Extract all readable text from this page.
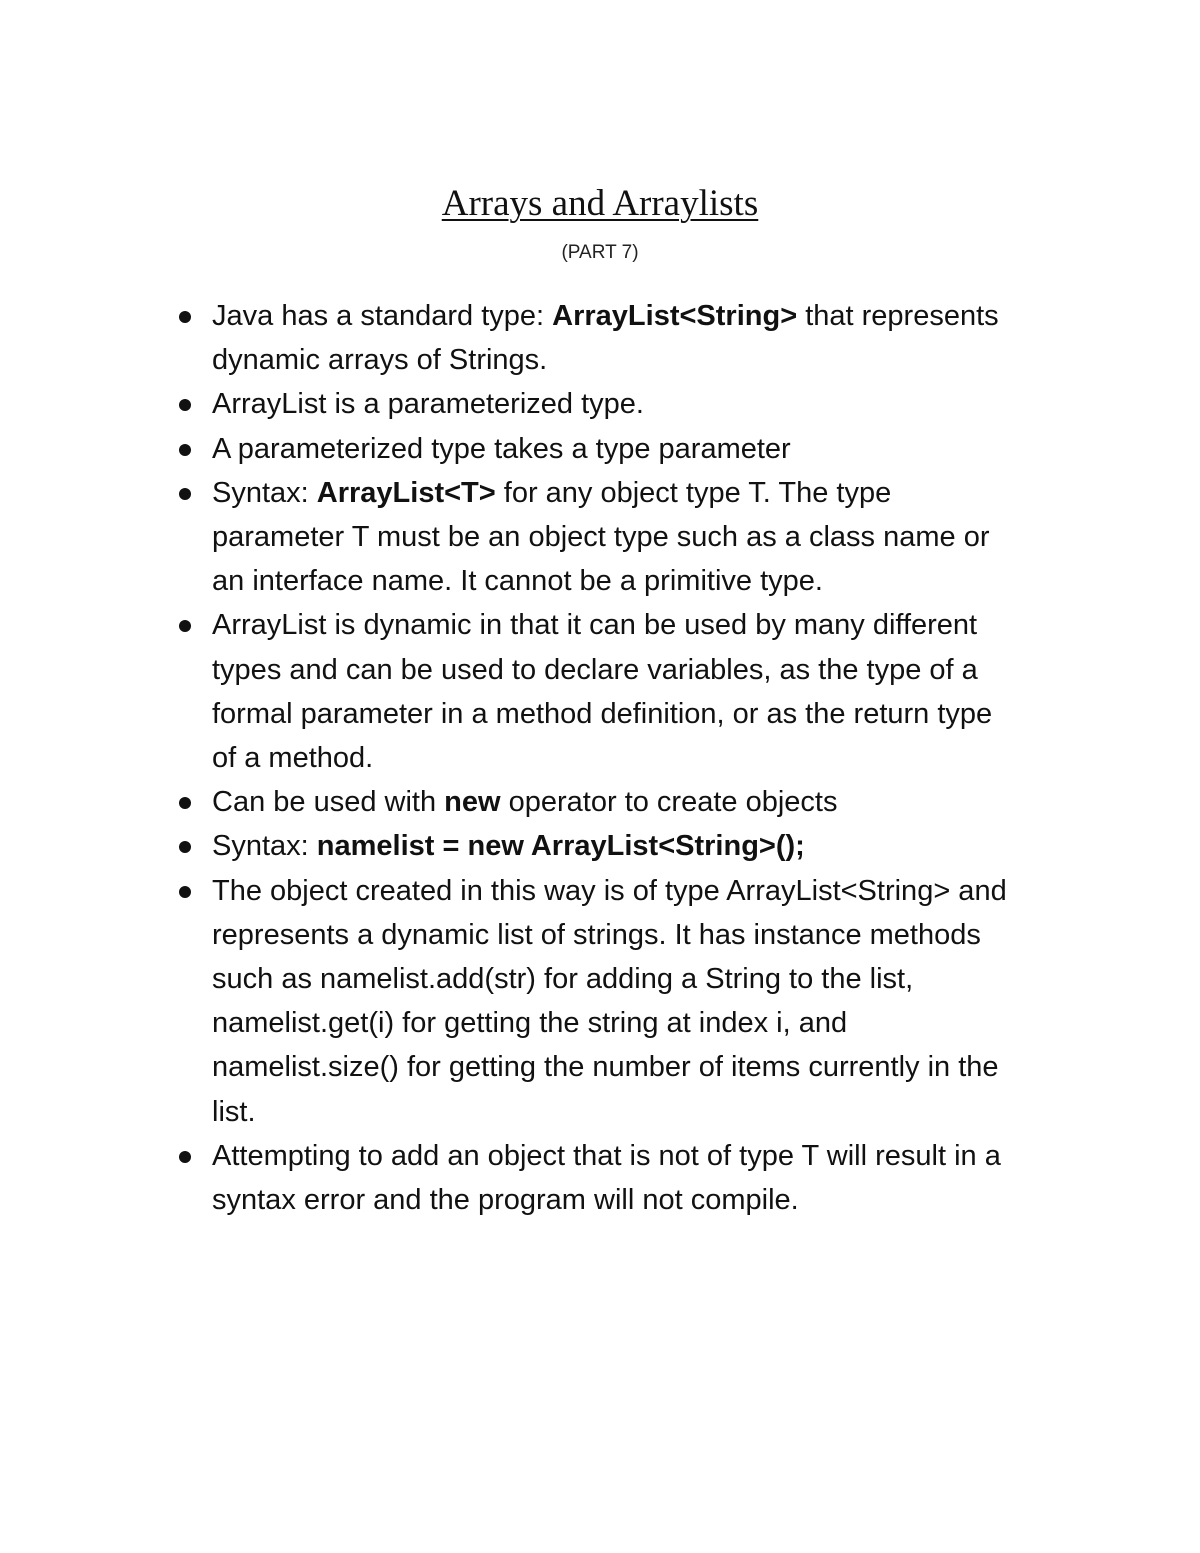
Arrays and Arraylists
(PART 7)
Java has a standard type: ArrayList<String> that represents dynamic arrays of Strings.
ArrayList is a parameterized type.
A parameterized type takes a type parameter
Syntax: ArrayList<T> for any object type T. The type parameter T must be an object type such as a class name or an interface name. It cannot be a primitive type.
ArrayList is dynamic in that it can be used by many different types and can be used to declare variables, as the type of a formal parameter in a method definition, or as the return type of a method.
Can be used with new operator to create objects
Syntax: namelist = new ArrayList<String>();
The object created in this way is of type ArrayList<String> and represents a dynamic list of strings. It has instance methods such as namelist.add(str) for adding a String to the list, namelist.get(i) for getting the string at index i, and namelist.size() for getting the number of items currently in the list.
Attempting to add an object that is not of type T will result in a syntax error and the program will not compile.
